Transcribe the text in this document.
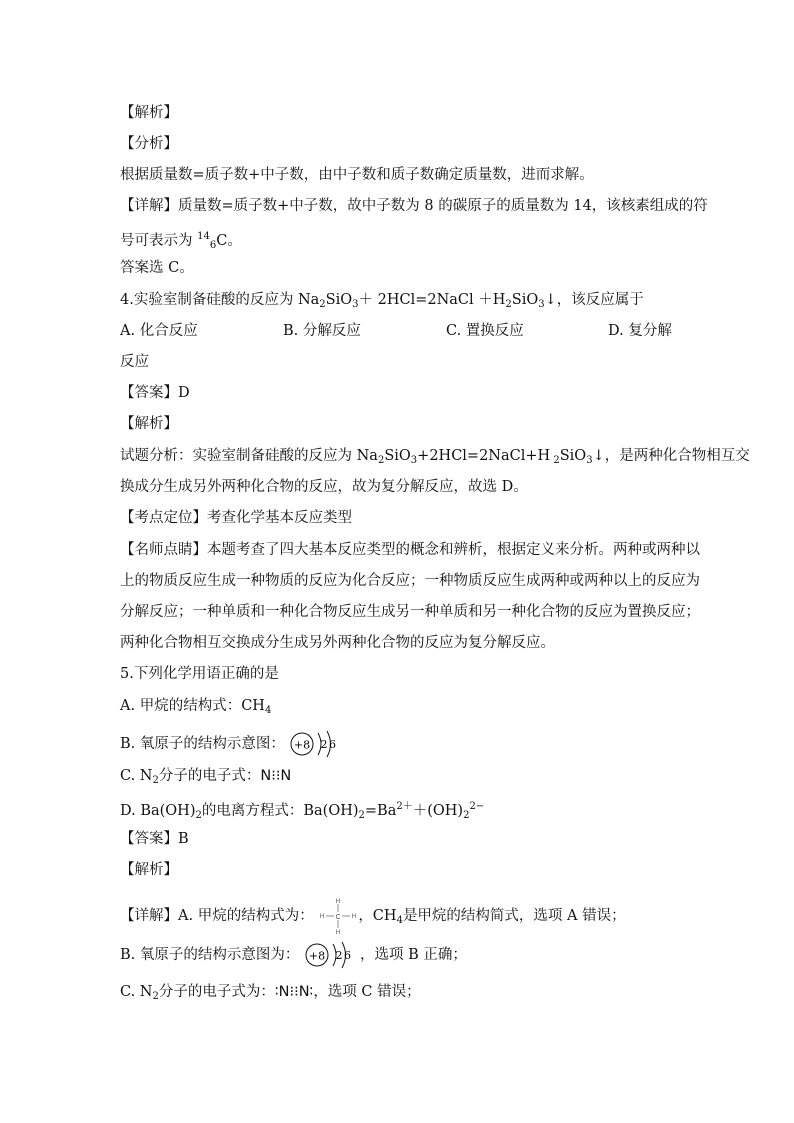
【解析】
【分析】
根据质量数=质子数+中子数，由中子数和质子数确定质量数，进而求解。
【详解】质量数=质子数+中子数，故中子数为 8 的碳原子的质量数为 14，该核素组成的符
号可表示为 $^{14}_6$C。
答案选 C。
4.实验室制备硅酸的反应为 $Na_2SiO_3+$ 2HCl=2NaCl $+H_2SiO_3↓$，该反应属于
A. 化合反应	B. 分解反应	C. 置换反应	D. 复分解
反应
【答案】D
【解析】
试题分析：实验室制备硅酸的反应为 $Na_2SiO_3+2HCl=2NaCl+H$ $_2$SiO$_3$↓，是两种化合物相互交
换成分生成另外两种化合物的反应，故为复分解反应，故选 D。
【考点定位】考查化学基本反应类型
【名师点睛】本题考查了四大基本反应类型的概念和辨析，根据定义来分析。两种或两种以
上的物质反应生成一种物质的反应为化合反应；一种物质反应生成两种或两种以上的反应为
分解反应；一种单质和一种化合物反应生成另一种单质和另一种化合物的反应为置换反应；
两种化合物相互交换成分生成另外两种化合物的反应为复分解反应。
5.下列化学用语正确的是
A. 甲烷的结构式：$CH_4$
B. 氧原子的结构示意图： +8 2 6
C. $N_2$分子的电子式：N⁝⁝N
D. $Ba(OH)_2$的电离方程式：$Ba(OH)_2=Ba^{2+}+(OH)_2^{2-}$
【答案】B
【解析】
【详解】A. 甲烷的结构式为：	C
H
H
H	H ，$CH_4$是甲烷的结构简式，选项 A 错误；
B. 氧原子的结构示意图为： +8 2 6 ，选项 B 正确；
C. $N_2$分子的电子式为：∶N⁝⁝N∶，选项 C 错误；
